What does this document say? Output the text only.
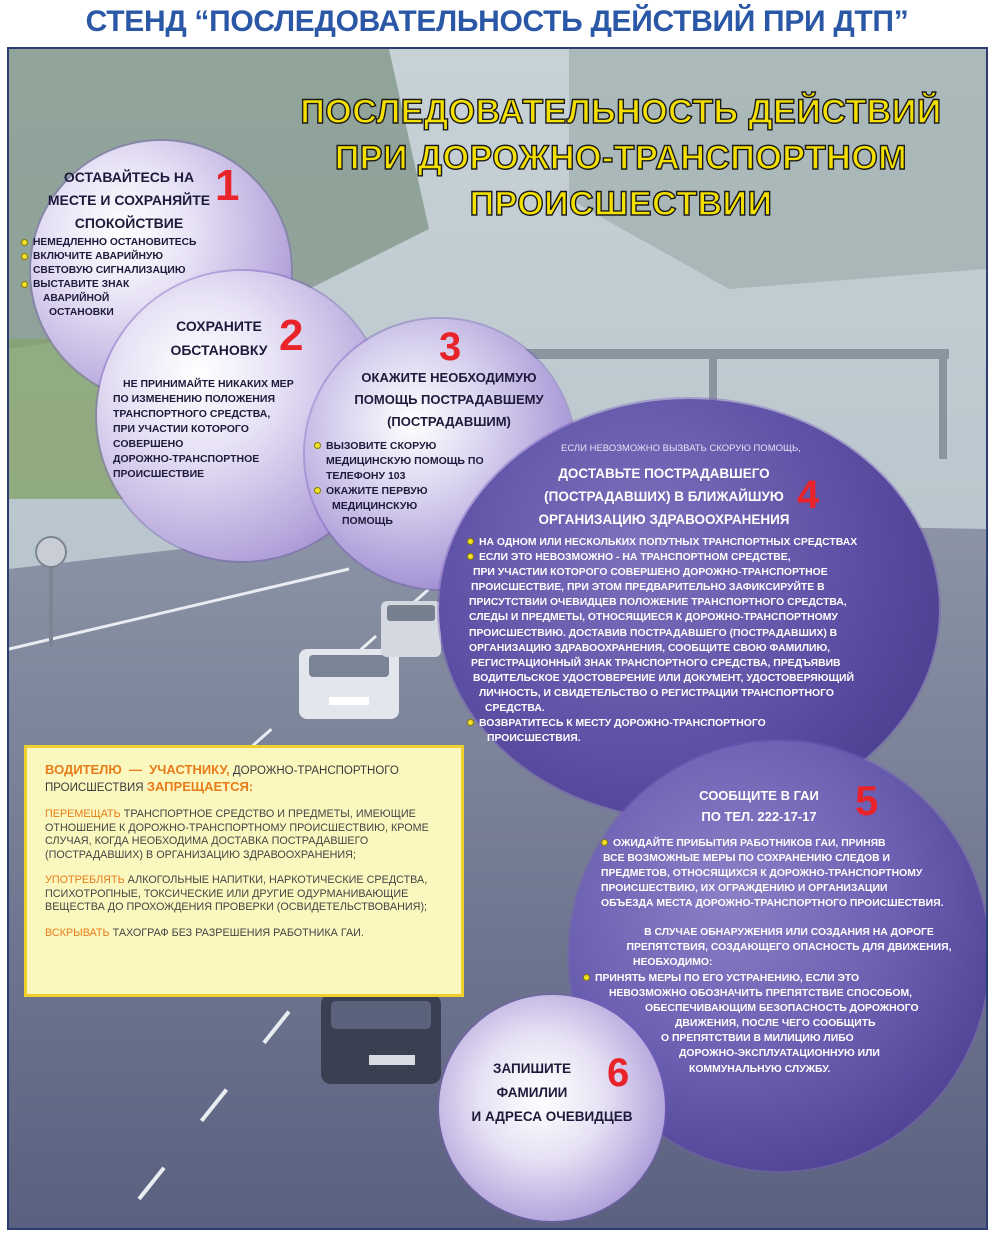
СТЕНД “ПОСЛЕДОВАТЕЛЬНОСТЬ ДЕЙСТВИЙ ПРИ ДТП”
ПОСЛЕДОВАТЕЛЬНОСТЬ ДЕЙСТВИЙ
ПРИ ДОРОЖНО-ТРАНСПОРТНОМ
ПРОИСШЕСТВИИ
1
ОСТАВАЙТЕСЬ НА
МЕСТЕ И СОХРАНЯЙТЕ
СПОКОЙСТВИЕ
НЕМЕДЛЕННО ОСТАНОВИТЕСЬ
ВКЛЮЧИТЕ АВАРИЙНУЮ
СВЕТОВУЮ СИГНАЛИЗАЦИЮ
ВЫСТАВИТЕ ЗНАК
АВАРИЙНОЙ
ОСТАНОВКИ	2
СОХРАНИТЕ
ОБСТАНОВКУ
НЕ ПРИНИМАЙТЕ НИКАКИХ МЕР
ПО ИЗМЕНЕНИЮ ПОЛОЖЕНИЯ
ТРАНСПОРТНОГО СРЕДСТВА,
ПРИ УЧАСТИИ КОТОРОГО
СОВЕРШЕНО
ДОРОЖНО-ТРАНСПОРТНОЕ
ПРОИСШЕСТВИЕ
3
ОКАЖИТЕ НЕОБХОДИМУЮ
ПОМОЩЬ ПОСТРАДАВШЕМУ
(ПОСТРАДАВШИМ)
ВЫЗОВИТЕ СКОРУЮ
МЕДИЦИНСКУЮ ПОМОЩЬ ПО
ТЕЛЕФОНУ 103
ОКАЖИТЕ ПЕРВУЮ
МЕДИЦИНСКУЮ
ПОМОЩЬ
ЕСЛИ НЕВОЗМОЖНО ВЫЗВАТЬ СКОРУЮ ПОМОЩЬ,
4
ДОСТАВЬТЕ ПОСТРАДАВШЕГО
(ПОСТРАДАВШИХ) В БЛИЖАЙШУЮ
ОРГАНИЗАЦИЮ ЗДРАВООХРАНЕНИЯ
НА ОДНОМ ИЛИ НЕСКОЛЬКИХ ПОПУТНЫХ ТРАНСПОРТНЫХ СРЕДСТВАХ
ЕСЛИ ЭТО НЕВОЗМОЖНО - НА ТРАНСПОРТНОМ СРЕДСТВЕ,
ПРИ УЧАСТИИ КОТОРОГО СОВЕРШЕНО ДОРОЖНО-ТРАНСПОРТНОЕ
ПРОИСШЕСТВИЕ, ПРИ ЭТОМ ПРЕДВАРИТЕЛЬНО ЗАФИКСИРУЙТЕ В
ПРИСУТСТВИИ ОЧЕВИДЦЕВ ПОЛОЖЕНИЕ ТРАНСПОРТНОГО СРЕДСТВА,
СЛЕДЫ И ПРЕДМЕТЫ, ОТНОСЯЩИЕСЯ К ДОРОЖНО-ТРАНСПОРТНОМУ
ПРОИСШЕСТВИЮ. ДОСТАВИВ ПОСТРАДАВШЕГО (ПОСТРАДАВШИХ) В
ОРГАНИЗАЦИЮ ЗДРАВООХРАНЕНИЯ, СООБЩИТЕ СВОЮ ФАМИЛИЮ,
РЕГИСТРАЦИОННЫЙ ЗНАК ТРАНСПОРТНОГО СРЕДСТВА, ПРЕДЪЯВИВ
ВОДИТЕЛЬСКОЕ УДОСТОВЕРЕНИЕ ИЛИ ДОКУМЕНТ, УДОСТОВЕРЯЮЩИЙ
ЛИЧНОСТЬ, И СВИДЕТЕЛЬСТВО О РЕГИСТРАЦИИ ТРАНСПОРТНОГО
СРЕДСТВА.
ВОЗВРАТИТЕСЬ К МЕСТУ ДОРОЖНО-ТРАНСПОРТНОГО
ПРОИСШЕСТВИЯ.
5
СООБЩИТЕ В ГАИ
ПО ТЕЛ. 222-17-17
ОЖИДАЙТЕ ПРИБЫТИЯ РАБОТНИКОВ ГАИ, ПРИНЯВ
ВСЕ ВОЗМОЖНЫЕ МЕРЫ ПО СОХРАНЕНИЮ СЛЕДОВ И
ПРЕДМЕТОВ, ОТНОСЯЩИХСЯ К ДОРОЖНО-ТРАНСПОРТНОМУ
ПРОИСШЕСТВИЮ, ИХ ОГРАЖДЕНИЮ И ОРГАНИЗАЦИИ
ОБЪЕЗДА МЕСТА ДОРОЖНО-ТРАНСПОРТНОГО ПРОИСШЕСТВИЯ.
В СЛУЧАЕ ОБНАРУЖЕНИЯ ИЛИ СОЗДАНИЯ НА ДОРОГЕ
ПРЕПЯТСТВИЯ, СОЗДАЮЩЕГО ОПАСНОСТЬ ДЛЯ ДВИЖЕНИЯ,
НЕОБХОДИМО:
ПРИНЯТЬ МЕРЫ ПО ЕГО УСТРАНЕНИЮ, ЕСЛИ ЭТО
НЕВОЗМОЖНО ОБОЗНАЧИТЬ ПРЕПЯТСТВИЕ СПОСОБОМ,
ОБЕСПЕЧИВАЮЩИМ БЕЗОПАСНОСТЬ ДОРОЖНОГО
ДВИЖЕНИЯ, ПОСЛЕ ЧЕГО СООБЩИТЬ
О ПРЕПЯТСТВИИ В МИЛИЦИЮ ЛИБО
ДОРОЖНО-ЭКСПЛУАТАЦИОННУЮ ИЛИ
КОММУНАЛЬНУЮ СЛУЖБУ.
6
ЗАПИШИТЕ
ФАМИЛИИ
И АДРЕСА ОЧЕВИДЦЕВ
ВОДИТЕЛЮ — УЧАСТНИКУ, ДОРОЖНО-ТРАНСПОРТНОГО
ПРОИСШЕСТВИЯ ЗАПРЕЩАЕТСЯ:
ПЕРЕМЕЩАТЬ ТРАНСПОРТНОЕ СРЕДСТВО И ПРЕДМЕТЫ, ИМЕЮЩИЕ ОТНОШЕНИЕ К ДОРОЖНО-ТРАНСПОРТНОМУ ПРОИСШЕСТВИЮ, КРОМЕ СЛУЧАЯ, КОГДА НЕОБХОДИМА ДОСТАВКА ПОСТРАДАВШЕГО (ПОСТРАДАВШИХ) В ОРГАНИЗАЦИЮ ЗДРАВООХРАНЕНИЯ;
УПОТРЕБЛЯТЬ АЛКОГОЛЬНЫЕ НАПИТКИ, НАРКОТИЧЕСКИЕ СРЕДСТВА, ПСИХОТРОПНЫЕ, ТОКСИЧЕСКИЕ ИЛИ ДРУГИЕ ОДУРМАНИВАЮЩИЕ ВЕЩЕСТВА ДО ПРОХОЖДЕНИЯ ПРОВЕРКИ (ОСВИДЕТЕЛЬСТВОВАНИЯ);
ВСКРЫВАТЬ ТАХОГРАФ БЕЗ РАЗРЕШЕНИЯ РАБОТНИКА ГАИ.
